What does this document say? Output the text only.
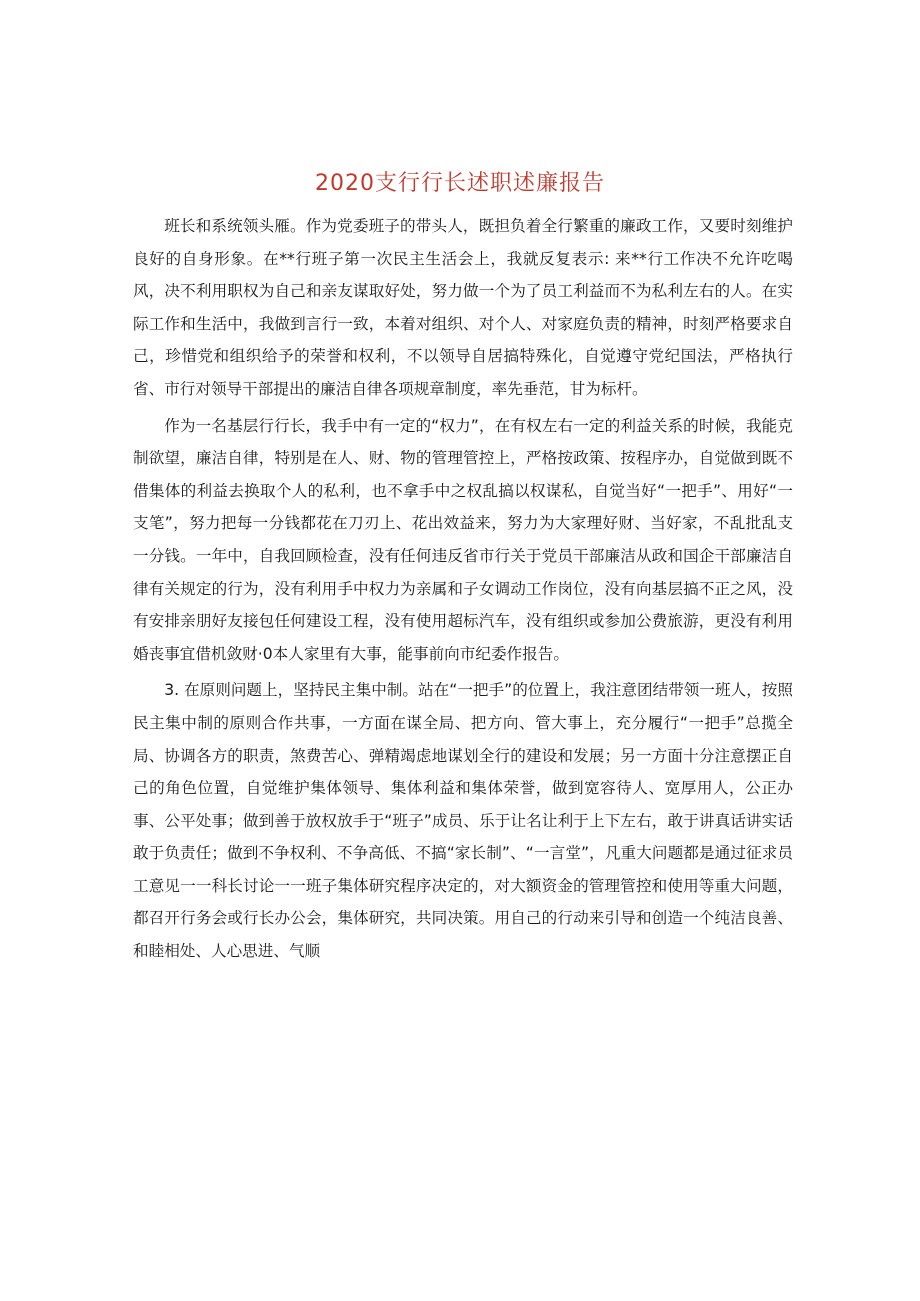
2020支行行长述职述廉报告

班长和系统领头雁。作为党委班子的带头人，既担负着全行繁重的廉政工作，又要时刻维护良好的自身形象。在**行班子第一次民主生活会上，我就反复表示: 来**行工作决不允许吃喝风，决不利用职权为自己和亲友谋取好处，努力做一个为了员工利益而不为私利左右的人。在实际工作和生活中，我做到言行一致，本着对组织、对个人、对家庭负责的精神，时刻严格要求自己，珍惜党和组织给予的荣誉和权利，不以领导自居搞特殊化，自觉遵守党纪国法，严格执行省、市行对领导干部提出的廉洁自律各项规章制度，率先垂范，甘为标杆。

作为一名基层行行长，我手中有一定的“权力”，在有权左右一定的利益关系的时候，我能克制欲望，廉洁自律，特别是在人、财、物的管理管控上，严格按政策、按程序办，自觉做到既不借集体的利益去换取个人的私利，也不拿手中之权乱搞以权谋私，自觉当好“一把手”、用好“一支笔”，努力把每一分钱都花在刀刃上、花出效益来，努力为大家理好财、当好家，不乱批乱支一分钱。一年中，自我回顾检查，没有任何违反省市行关于党员干部廉洁从政和国企干部廉洁自律有关规定的行为，没有利用手中权力为亲属和子女调动工作岗位，没有向基层搞不正之风，没有安排亲朋好友接包任何建设工程，没有使用超标汽车，没有组织或参加公费旅游，更没有利用婚丧事宜借机敛财·0本人家里有大事，能事前向市纪委作报告。

3. 在原则问题上，坚持民主集中制。站在“一把手”的位置上，我注意团结带领一班人，按照民主集中制的原则合作共事，一方面在谋全局、把方向、管大事上，充分履行“一把手”总揽全局、协调各方的职责，煞费苦心、弹精竭虑地谋划全行的建设和发展；另一方面十分注意摆正自己的角色位置，自觉维护集体领导、集体利益和集体荣誉，做到宽容待人、宽厚用人，公正办事、公平处事；做到善于放权放手于“班子”成员、乐于让名让利于上下左右，敢于讲真话讲实话敢于负责任；做到不争权利、不争高低、不搞“家长制”、“一言堂”，凡重大问题都是通过征求员工意见一一科长讨论一一班子集体研究程序决定的，对大额资金的管理管控和使用等重大问题，都召开行务会或行长办公会，集体研究，共同决策。用自己的行动来引导和创造一个纯洁良善、和睦相处、人心思进、气顺
